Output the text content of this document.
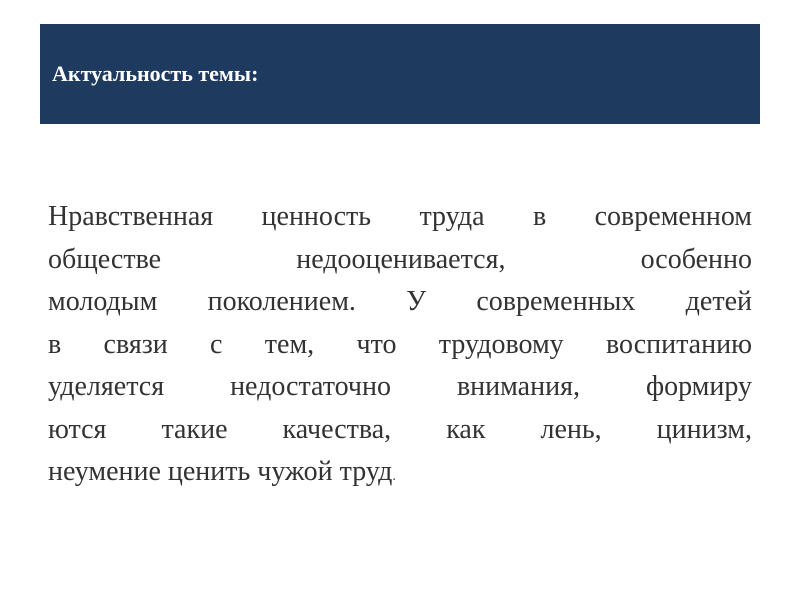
Актуальность темы:
Нравственная ценность труда в современном
обществе недооценивается, особенно
молодым поколением. У современных детей
в связи с тем, что трудовому воспитанию
уделяется недостаточно внимания, формиру
ются такие качества, как лень, цинизм,
неумение ценить чужой труд.
